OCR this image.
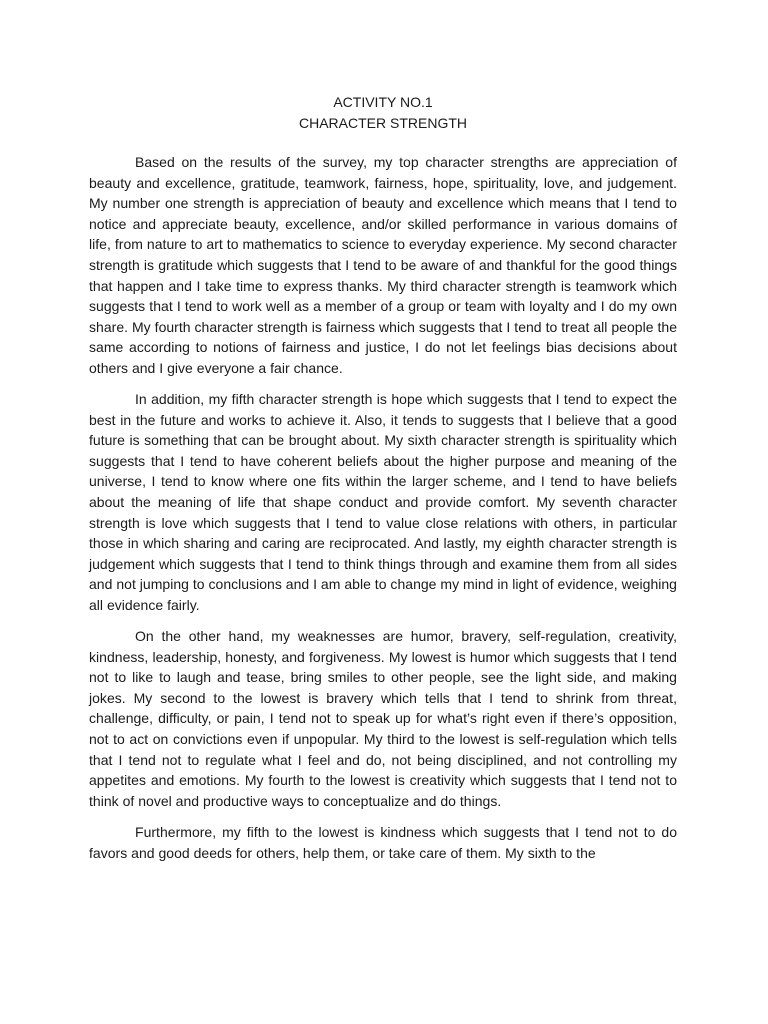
ACTIVITY NO.1
CHARACTER STRENGTH

Based on the results of the survey, my top character strengths are appreciation of beauty and excellence, gratitude, teamwork, fairness, hope, spirituality, love, and judgement. My number one strength is appreciation of beauty and excellence which means that I tend to notice and appreciate beauty, excellence, and/or skilled performance in various domains of life, from nature to art to mathematics to science to everyday experience. My second character strength is gratitude which suggests that I tend to be aware of and thankful for the good things that happen and I take time to express thanks. My third character strength is teamwork which suggests that I tend to work well as a member of a group or team with loyalty and I do my own share. My fourth character strength is fairness which suggests that I tend to treat all people the same according to notions of fairness and justice, I do not let feelings bias decisions about others and I give everyone a fair chance.

In addition, my fifth character strength is hope which suggests that I tend to expect the best in the future and works to achieve it. Also, it tends to suggests that I believe that a good future is something that can be brought about. My sixth character strength is spirituality which suggests that I tend to have coherent beliefs about the higher purpose and meaning of the universe, I tend to know where one fits within the larger scheme, and I tend to have beliefs about the meaning of life that shape conduct and provide comfort. My seventh character strength is love which suggests that I tend to value close relations with others, in particular those in which sharing and caring are reciprocated. And lastly, my eighth character strength is judgement which suggests that I tend to think things through and examine them from all sides and not jumping to conclusions and I am able to change my mind in light of evidence, weighing all evidence fairly.

On the other hand, my weaknesses are humor, bravery, self-regulation, creativity, kindness, leadership, honesty, and forgiveness. My lowest is humor which suggests that I tend not to like to laugh and tease, bring smiles to other people, see the light side, and making jokes. My second to the lowest is bravery which tells that I tend to shrink from threat, challenge, difficulty, or pain, I tend not to speak up for what’s right even if there’s opposition, not to act on convictions even if unpopular. My third to the lowest is self-regulation which tells that I tend not to regulate what I feel and do, not being disciplined, and not controlling my appetites and emotions. My fourth to the lowest is creativity which suggests that I tend not to think of novel and productive ways to conceptualize and do things.

Furthermore, my fifth to the lowest is kindness which suggests that I tend not to do favors and good deeds for others, help them, or take care of them. My sixth to the
